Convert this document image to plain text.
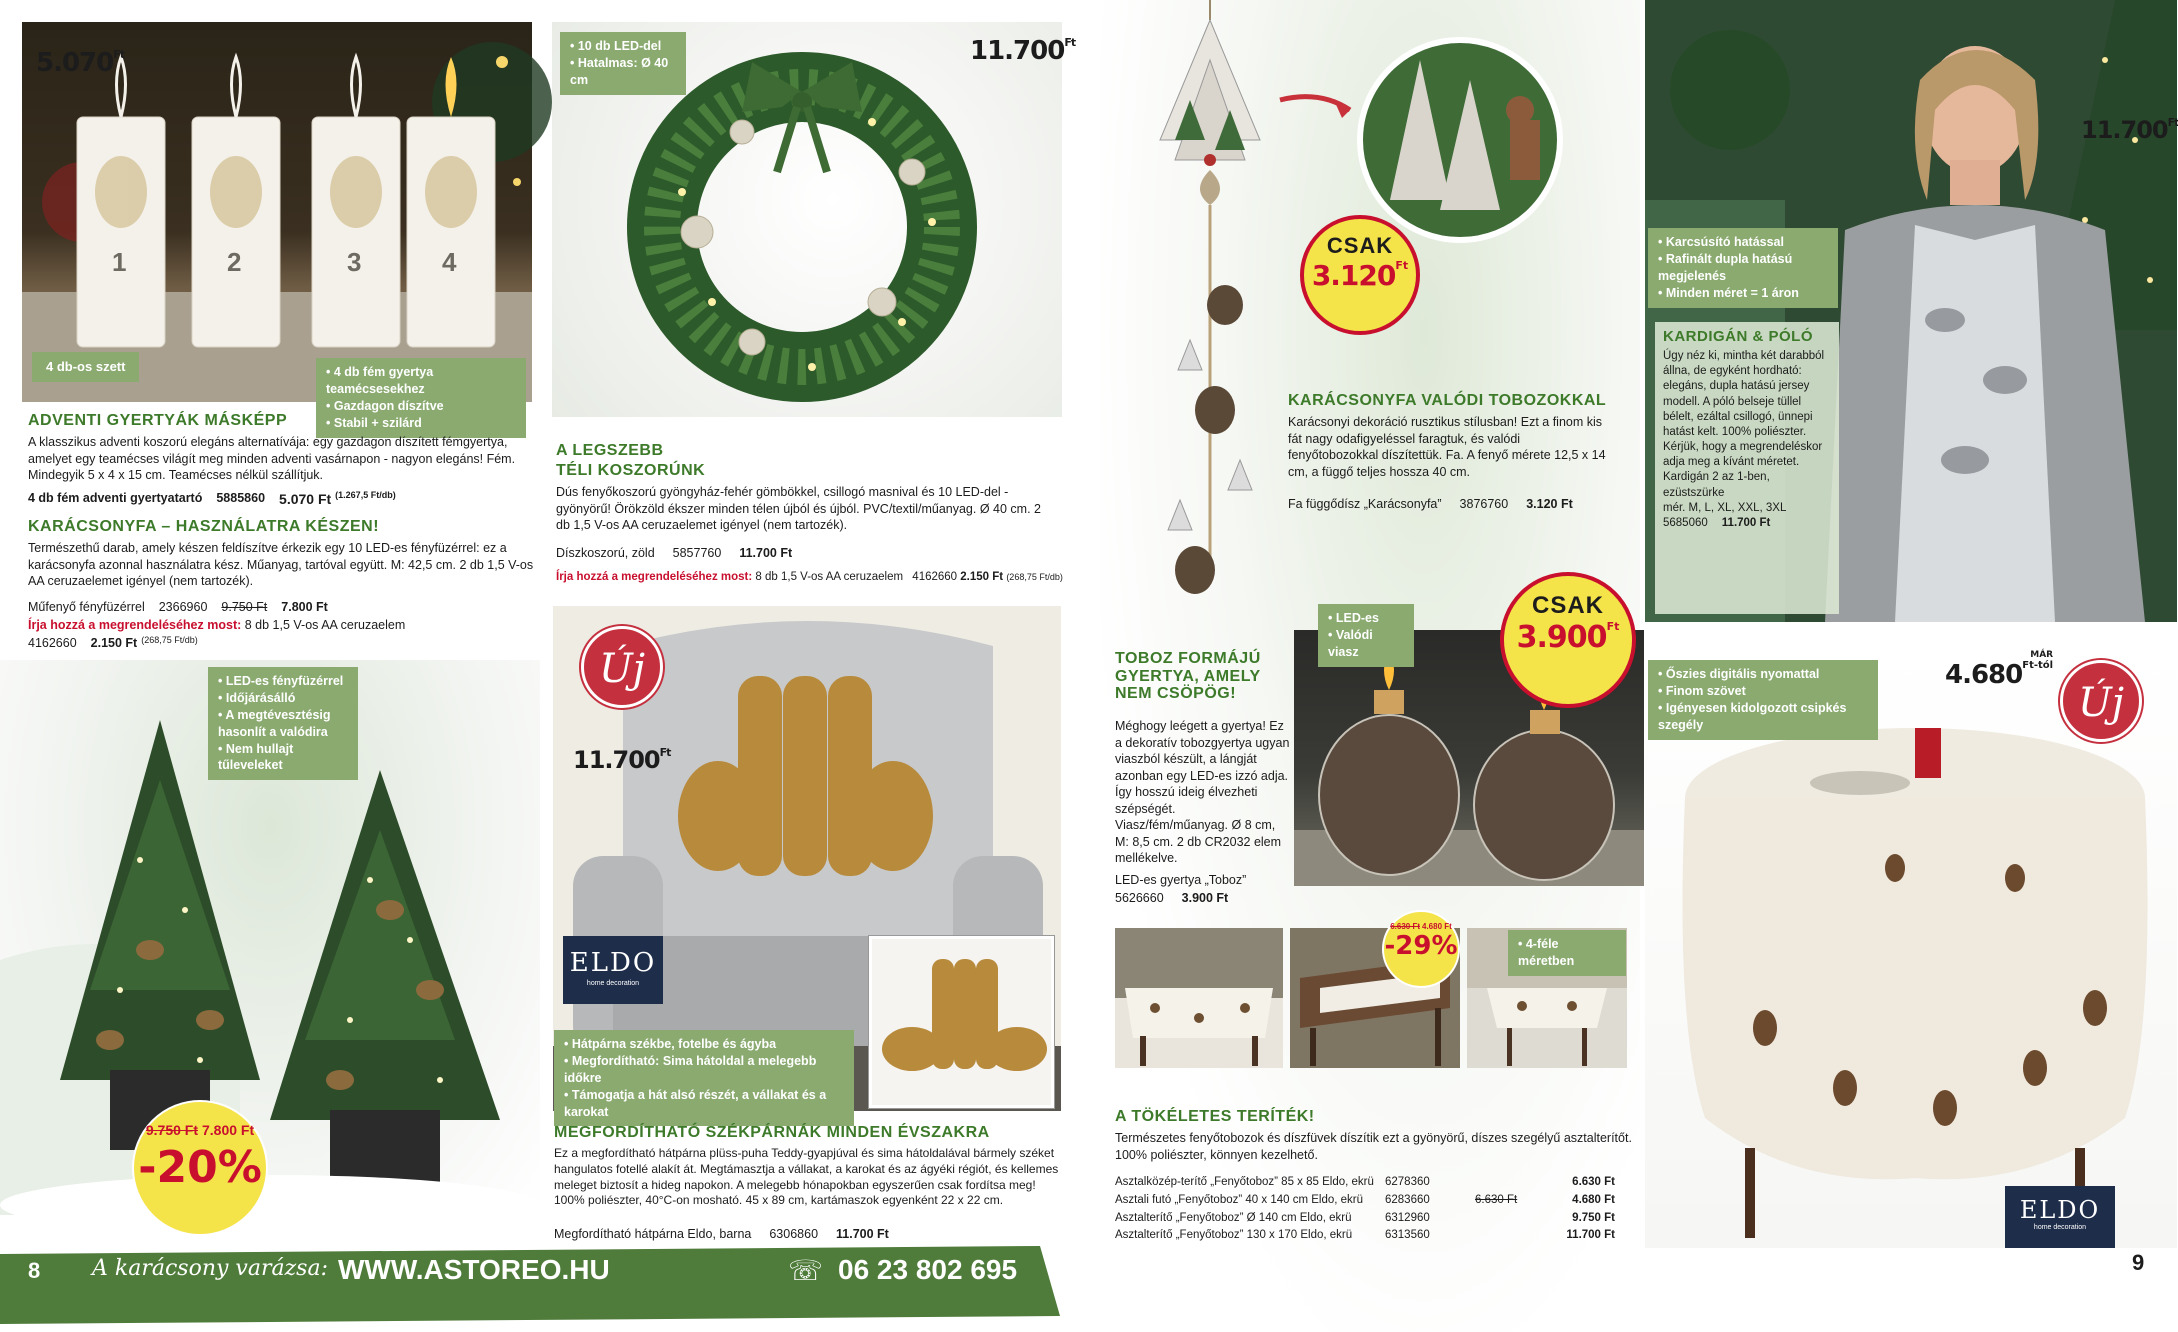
1	2	3	4
$5.070^{Ft}$
4 db-os szett	• 4 db fém gyertya teamécsesekhez
• Gazdagon díszítve
• Stabil + szilárd
ADVENTI GYERTYÁK MÁSKÉPP
A klasszikus adventi koszorú elegáns alternatívája: egy gazdagon díszített fémgyertya, amelyet egy teamécses világít meg minden adventi vasárnapon - nagyon elegáns! Fém. Mindegyik 5 x 4 x 15 cm. Teamécses nélkül szállítjuk.
4 db fém adventi gyertyatartó 5885860 5.070 Ft (1.267,5 Ft/db)
KARÁCSONYFA – HASZNÁLATRA KÉSZEN!
Természethű darab, amely készen feldíszítve érkezik egy 10 LED-es fényfüzérrel: ez a karácsonyfa azonnal használatra kész. Műanyag, tartóval együtt. M: 42,5 cm. 2 db 1,5 V-os AA ceruzaelemet igényel (nem tartozék).
Műfenyő fényfüzérrel 2366960 9.750 Ft 7.800 Ft
Írja hozzá a megrendeléséhez most: 8 db 1,5 V-os AA ceruzaelem
4162660 2.150 Ft (268,75 Ft/db)
• LED-es fényfüzérrel
• Időjárásálló
• A megtévesztésig hasonlít a valódira
• Nem hullajt tűleveleket
9.750 Ft 7.800 Ft
-20%
$11.700^{Ft}$
• 10 db LED-del
• Hatalmas: Ø 40 cm
A LEGSZEBB
TÉLI KOSZORÚNK
Dús fenyőkoszorú gyöngyház-fehér gömbökkel, csillogó masnival és 10 LED-del - gyönyörű! Örökzöld ékszer minden télen újból és újból. PVC/textil/műanyag. Ø 40 cm. 2 db 1,5 V-os AA ceruzaelemet igényel (nem tartozék).
Díszkoszorú, zöld 5857760 11.700 Ft
Írja hozzá a megrendeléséhez most: 8 db 1,5 V-os AA ceruzaelem 4162660 2.150 Ft (268,75 Ft/db)
ELDO
home decoration
$11.700^{Ft}$
Új
• Hátpárna székbe, fotelbe és ágyba
• Megfordítható: Sima hátoldal a melegebb időkre
• Támogatja a hát alsó részét, a vállakat és a karokat
MEGFORDÍTHATÓ SZÉKPÁRNÁK MINDEN ÉVSZAKRA
Ez a megfordítható hátpárna plüss-puha Teddy-gyapjúval és sima hátoldalával bármely széket hangulatos fotellé alakít át. Megtámasztja a vállakat, a karokat és az ágyéki régiót, és kellemes meleget biztosít a hideg napokon. A melegebb hónapokban egyszerűen csak fordítsa meg! 100% poliészter, 40°C-on mosható. 45 x 89 cm, kartámaszok egyenként 22 x 22 cm.
Megfordítható hátpárna Eldo, barna 6306860 11.700 Ft
8 A karácsony varázsa: WWW.ASTOREO.HU	☏ 06 23 802 695
CSAK
3.120 Ft
KARÁCSONYFA VALÓDI TOBOZOKKAL
Karácsonyi dekoráció rusztikus stílusban! Ezt a finom kis fát nagy odafigyeléssel faragtuk, és valódi fenyőtobozokkal díszítettük. Fa. A fenyő mérete 12,5 x 14 cm, a függő teljes hossza 40 cm.
Fa függődísz „Karácsonyfa” 3876760 3.120 Ft
TOBOZ FORMÁJÚ GYERTYA, AMELY NEM CSÖPÖG!
Méghogy leégett a gyertya! Ez a dekoratív tobozgyertya ugyan viaszból készült, a lángját azonban egy LED-es izzó adja. Így hosszú ideig élvezheti szépségét. Viasz/fém/műanyag. Ø 8 cm, M: 8,5 cm. 2 db CR2032 elem mellékelve.
LED-es gyertya „Toboz”
5626660 3.900 Ft
• LED-es
• Valódi viasz
CSAK
3.900 Ft
6.630 Ft 4.680 Ft
-29%	• 4-féle méretben
A TÖKÉLETES TERÍTÉK!
Természetes fenyőtobozok és díszfüvek díszítik ezt a gyönyörű, díszes szegélyű asztalterítőt. 100% poliészter, könnyen kezelhető.
Asztalközép-terítő „Fenyőtoboz” 85 x 85 Eldo, ekrü 6278360	6.630 Ft
Asztali futó „Fenyőtoboz” 40 x 140 cm Eldo, ekrü	6283660	6.630 Ft	4.680 Ft
Asztalterítő „Fenyőtoboz” Ø 140 cm Eldo, ekrü	6312960	9.750 Ft
Asztalterítő „Fenyőtoboz” 130 x 170 Eldo, ekrü	6313560	11.700 Ft
$11.700^{Ft}$
• Karcsúsító hatással
• Rafinált dupla hatású megjelenés
• Minden méret = 1 áron
KARDIGÁN & PÓLÓ
Úgy néz ki, mintha két darabból állna, de egyként hordható: elegáns, dupla hatású jersey modell. A póló belseje tüllel bélelt, ezáltal csillogó, ünnepi hatást kelt. 100% poliészter. Kérjük, hogy a megrendeléskor adja meg a kívánt méretet.
Kardigán 2 az 1-ben, ezüstszürke
mér. M, L, XL, XXL, 3XL
5685060 11.700 Ft
ELDO
home decoration
• Őszies digitális nyomattal
• Finom szövet
• Igényesen kidolgozott csipkés szegély
MÁR
4.680 Ft-tól
Új
9
